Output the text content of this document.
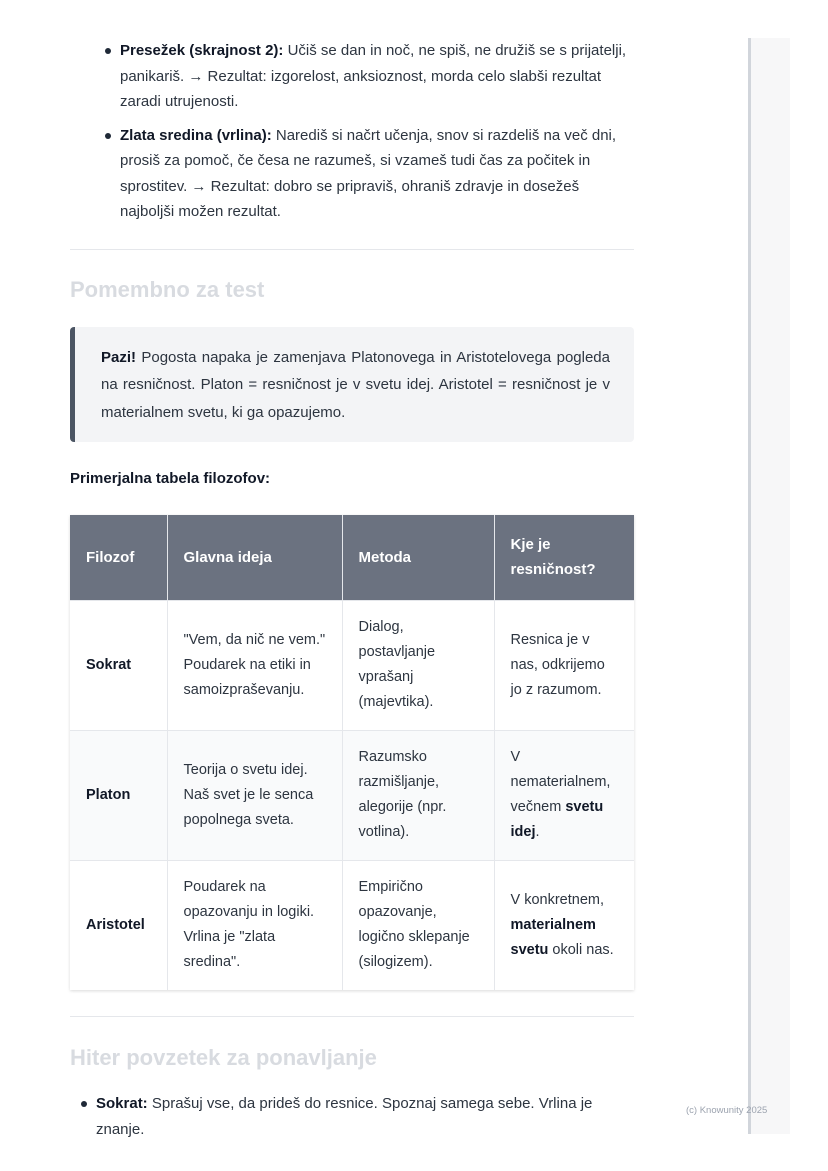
Presežek (skrajnost 2): Učiš se dan in noč, ne spiš, ne družiš se s prijatelji, panikariš. → Rezultat: izgorelost, anksioznost, morda celo slabši rezultat zaradi utrujenosti.
Zlata sredina (vrlina): Narediš si načrt učenja, snov si razdeliš na več dni, prosiš za pomoč, če česa ne razumeš, si vzameš tudi čas za počitek in sprostitev. → Rezultat: dobro se pripraviš, ohraniš zdravje in dosežeš najboljši možen rezultat.
Pomembno za test

Pazi! Pogosta napaka je zamenjava Platonovega in Aristotelovega pogleda na resničnost. Platon = resničnost je v svetu idej. Aristotel = resničnost je v materialnem svetu, ki ga opazujemo.

Primerjalna tabela filozofov:
Filozof	Glavna ideja	Metoda	Kje je resničnost?
Sokrat	"Vem, da nič ne vem." Poudarek na etiki in samoizpraševanju.	Dialog, postavljanje vprašanj (majevtika).	Resnica je v nas, odkrijemo jo z razumom.
Platon	Teorija o svetu idej. Naš svet je le senca popolnega sveta.	Razumsko razmišljanje, alegorije (npr. votlina).	V nematerialnem, večnem svetu idej.
Aristotel	Poudarek na opazovanju in logiki. Vrlina je "zlata sredina".	Empirično opazovanje, logično sklepanje (silogizem).	V konkretnem, materialnem svetu okoli nas.
Hiter povzetek za ponavljanje
Sokrat: Sprašuj vse, da prideš do resnice. Spoznaj samega sebe. Vrlina je znanje.
(c) Knowunity 2025
